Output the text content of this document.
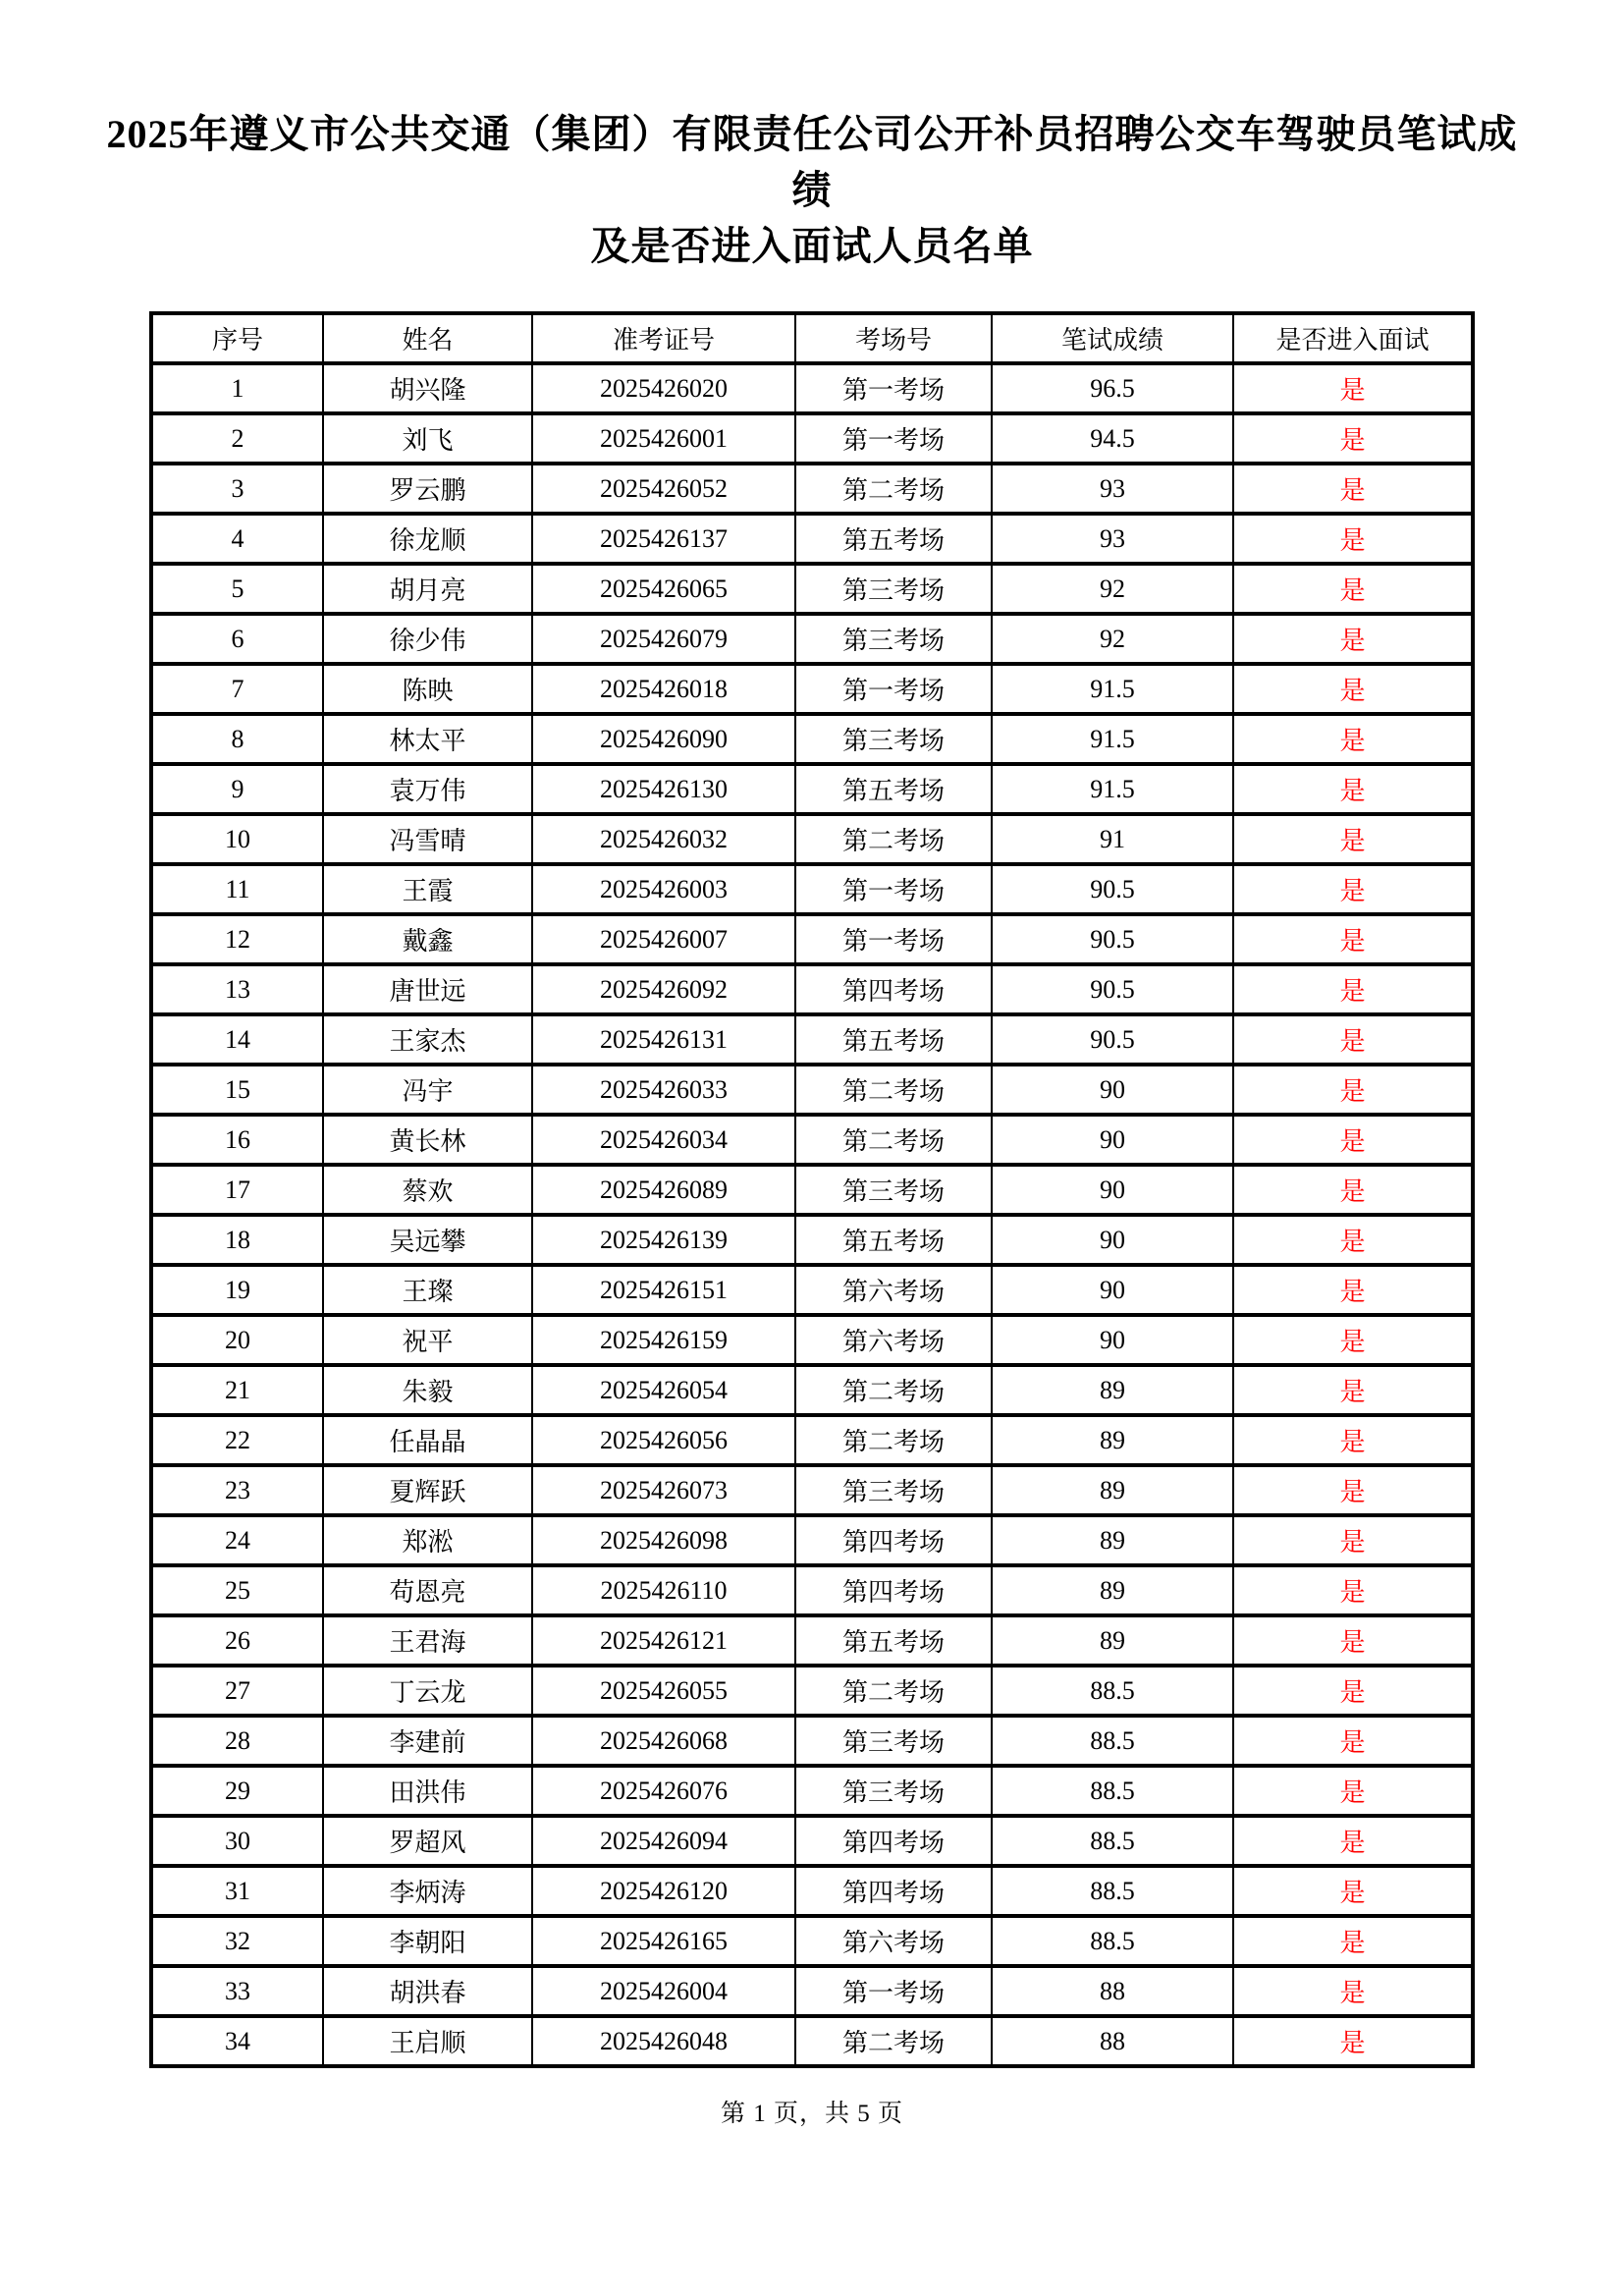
2025年遵义市公共交通（集团）有限责任公司公开补员招聘公交车驾驶员笔试成绩
及是否进入面试人员名单
序号	姓名	准考证号	考场号	笔试成绩	是否进入面试
1	胡兴隆	2025426020	第一考场	96.5	是
2	刘飞	2025426001	第一考场	94.5	是
3	罗云鹏	2025426052	第二考场	93	是
4	徐龙顺	2025426137	第五考场	93	是
5	胡月亮	2025426065	第三考场	92	是
6	徐少伟	2025426079	第三考场	92	是
7	陈映	2025426018	第一考场	91.5	是
8	林太平	2025426090	第三考场	91.5	是
9	袁万伟	2025426130	第五考场	91.5	是
10	冯雪晴	2025426032	第二考场	91	是
11	王霞	2025426003	第一考场	90.5	是
12	戴鑫	2025426007	第一考场	90.5	是
13	唐世远	2025426092	第四考场	90.5	是
14	王家杰	2025426131	第五考场	90.5	是
15	冯宇	2025426033	第二考场	90	是
16	黄长林	2025426034	第二考场	90	是
17	蔡欢	2025426089	第三考场	90	是
18	吴远攀	2025426139	第五考场	90	是
19	王璨	2025426151	第六考场	90	是
20	祝平	2025426159	第六考场	90	是
21	朱毅	2025426054	第二考场	89	是
22	任晶晶	2025426056	第二考场	89	是
23	夏辉跃	2025426073	第三考场	89	是
24	郑淞	2025426098	第四考场	89	是
25	苟恩亮	2025426110	第四考场	89	是
26	王君海	2025426121	第五考场	89	是
27	丁云龙	2025426055	第二考场	88.5	是
28	李建前	2025426068	第三考场	88.5	是
29	田洪伟	2025426076	第三考场	88.5	是
30	罗超风	2025426094	第四考场	88.5	是
31	李炳涛	2025426120	第四考场	88.5	是
32	李朝阳	2025426165	第六考场	88.5	是
33	胡洪春	2025426004	第一考场	88	是
34	王启顺	2025426048	第二考场	88	是
第 1 页，共 5 页
